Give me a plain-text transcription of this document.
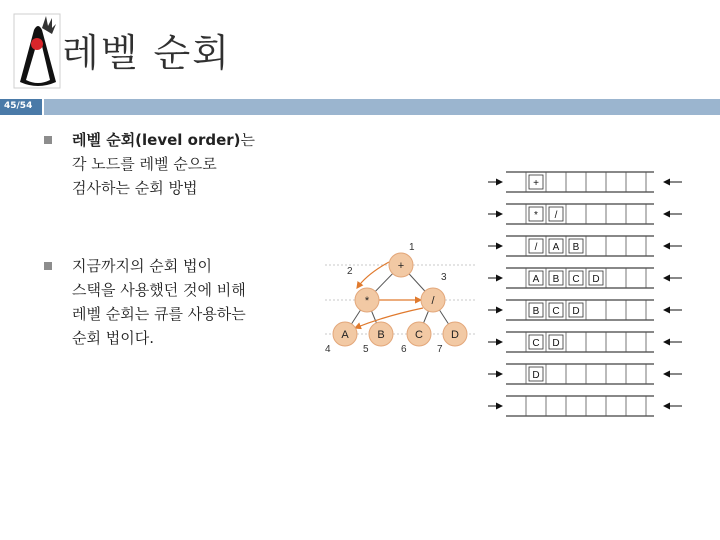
레벨 순회
45/54
레벨 순회(level order)는
각 노드를 레벨 순으로
검사하는 순회 방법
지금까지의 순회 법이
스택을 사용했던 것에 비해
레벨 순회는 큐를 사용하는
순회 법이다.
+
*	/
A	B	C	D
1
2
3
4	5	6	7
+
* /
/ A B
A B C D
B C D
C D
D
